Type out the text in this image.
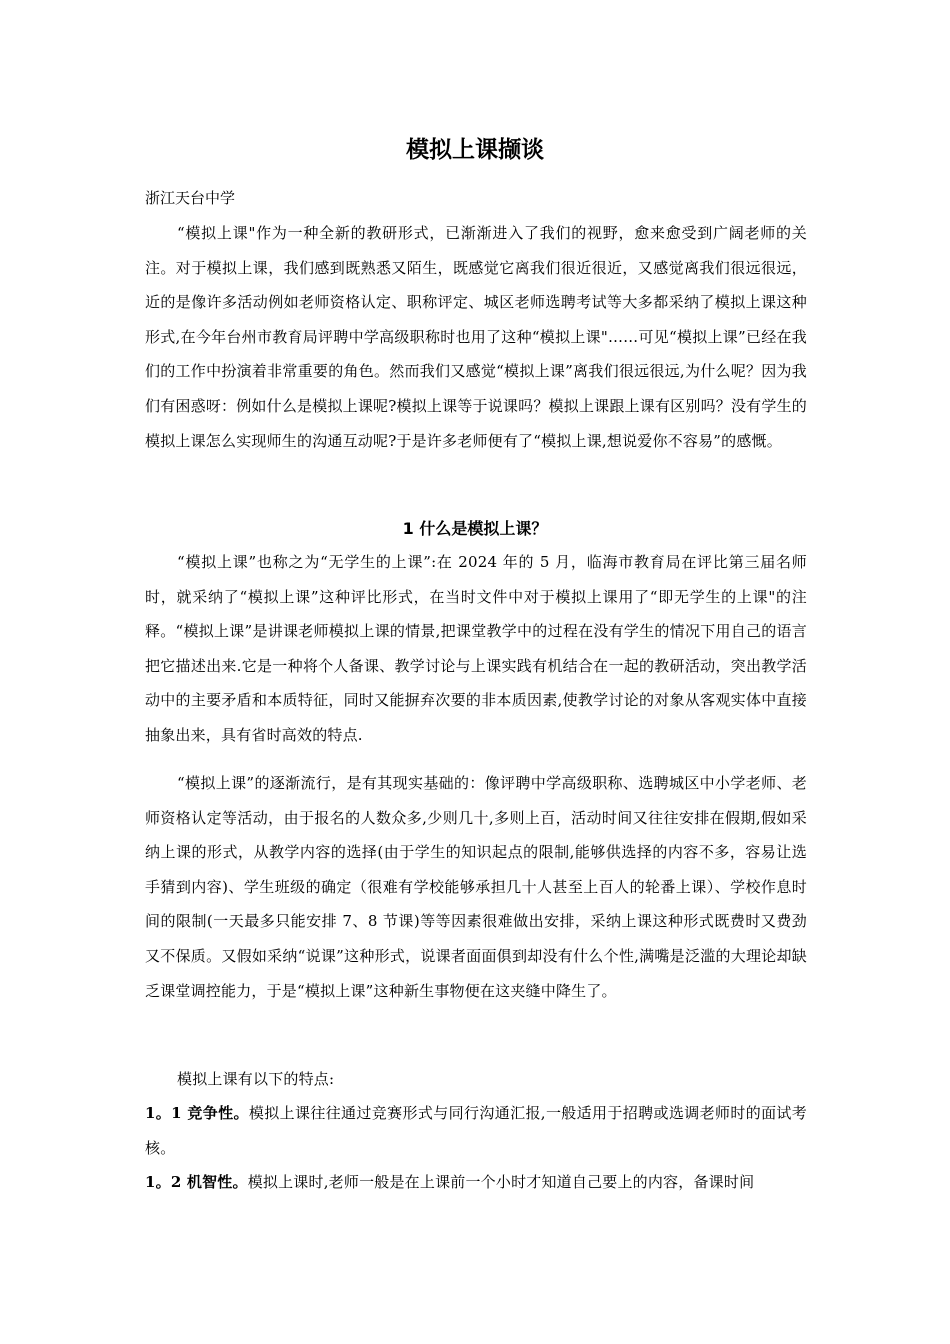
模拟上课撷谈

浙江天台中学

“模拟上课"作为一种全新的教研形式，已渐渐进入了我们的视野，愈来愈受到广阔老师的关注。对于模拟上课，我们感到既熟悉又陌生，既感觉它离我们很近很近，又感觉离我们很远很远，近的是像许多活动例如老师资格认定、职称评定、城区老师选聘考试等大多都采纳了模拟上课这种形式,在今年台州市教育局评聘中学高级职称时也用了这种“模拟上课"……可见“模拟上课”已经在我们的工作中扮演着非常重要的角色。然而我们又感觉“模拟上课”离我们很远很远,为什么呢？因为我们有困惑呀：例如什么是模拟上课呢?模拟上课等于说课吗？模拟上课跟上课有区别吗？没有学生的模拟上课怎么实现师生的沟通互动呢?于是许多老师便有了“模拟上课,想说爱你不容易”的感慨。

1 什么是模拟上课？

“模拟上课”也称之为“无学生的上课”:在 2024 年的 5 月，临海市教育局在评比第三届名师时，就采纳了“模拟上课”这种评比形式，在当时文件中对于模拟上课用了“即无学生的上课"的注释。“模拟上课”是讲课老师模拟上课的情景,把课堂教学中的过程在没有学生的情况下用自己的语言把它描述出来.它是一种将个人备课、教学讨论与上课实践有机结合在一起的教研活动，突出教学活动中的主要矛盾和本质特征，同时又能摒弃次要的非本质因素,使教学讨论的对象从客观实体中直接抽象出来，具有省时高效的特点.

“模拟上课”的逐渐流行，是有其现实基础的：像评聘中学高级职称、选聘城区中小学老师、老师资格认定等活动，由于报名的人数众多,少则几十,多则上百，活动时间又往往安排在假期,假如采纳上课的形式，从教学内容的选择(由于学生的知识起点的限制,能够供选择的内容不多，容易让选手猜到内容)、学生班级的确定（很难有学校能够承担几十人甚至上百人的轮番上课）、学校作息时间的限制(一天最多只能安排 7、8 节课)等等因素很难做出安排，采纳上课这种形式既费时又费劲又不保质。又假如采纳“说课”这种形式，说课者面面俱到却没有什么个性,满嘴是泛滥的大理论却缺乏课堂调控能力，于是“模拟上课”这种新生事物便在这夹缝中降生了。

模拟上课有以下的特点:

1。1 竞争性。模拟上课往往通过竞赛形式与同行沟通汇报,一般适用于招聘或选调老师时的面试考核。

1。2 机智性。模拟上课时,老师一般是在上课前一个小时才知道自己要上的内容，备课时间
